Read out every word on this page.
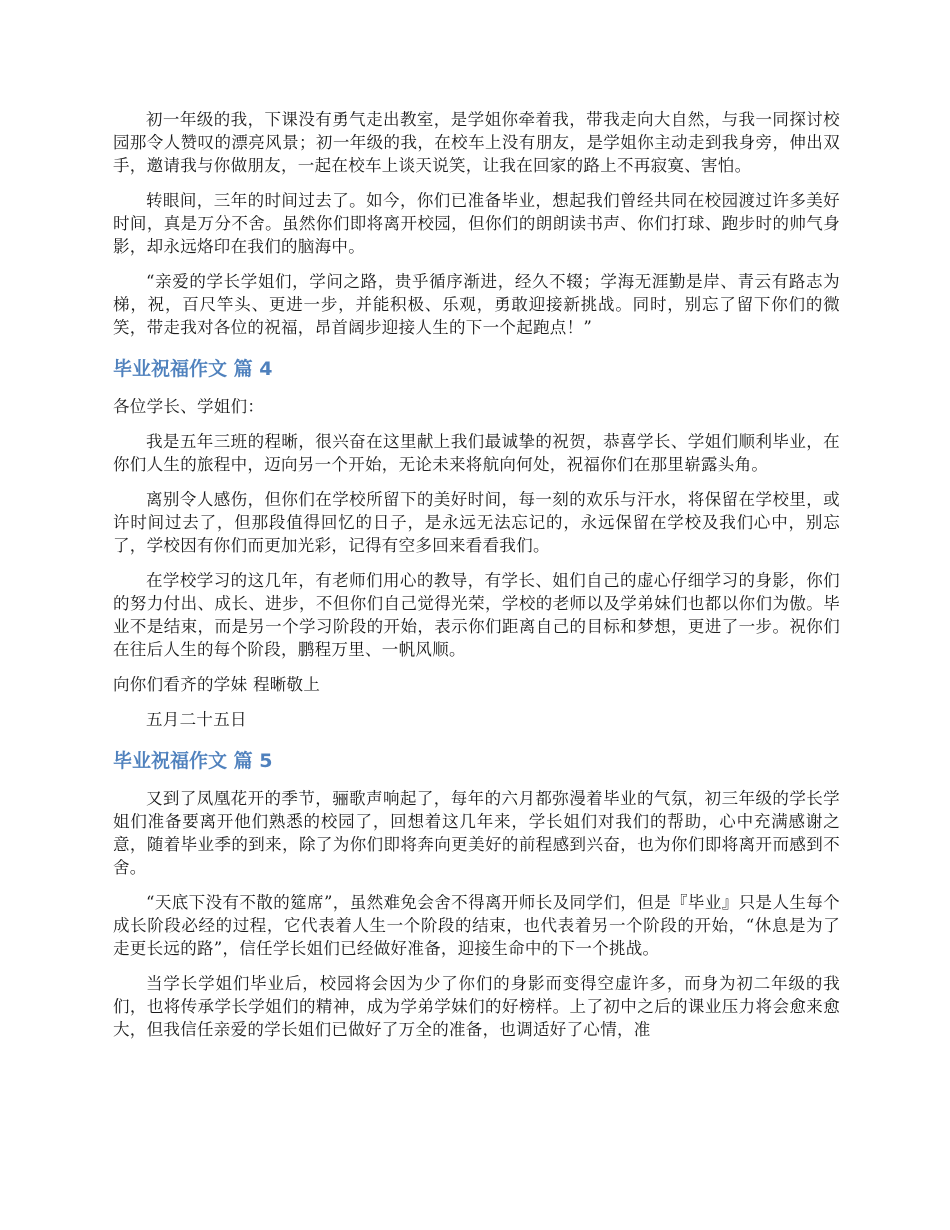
初一年级的我，下课没有勇气走出教室，是学姐你牵着我，带我走向大自然，与我一同探讨校园那令人赞叹的漂亮风景；初一年级的我，在校车上没有朋友，是学姐你主动走到我身旁，伸出双手，邀请我与你做朋友，一起在校车上谈天说笑，让我在回家的路上不再寂寞、害怕。

转眼间，三年的时间过去了。如今，你们已准备毕业，想起我们曾经共同在校园渡过许多美好时间，真是万分不舍。虽然你们即将离开校园，但你们的朗朗读书声、你们打球、跑步时的帅气身影，却永远烙印在我们的脑海中。

“亲爱的学长学姐们，学问之路，贵乎循序渐进，经久不辍；学海无涯勤是岸、青云有路志为梯，祝，百尺竿头、更进一步，并能积极、乐观，勇敢迎接新挑战。同时，别忘了留下你们的微笑，带走我对各位的祝福，昂首阔步迎接人生的下一个起跑点！”

毕业祝福作文 篇 4

各位学长、学姐们：

我是五年三班的程晰，很兴奋在这里献上我们最诚挚的祝贺，恭喜学长、学姐们顺利毕业，在你们人生的旅程中，迈向另一个开始，无论未来将航向何处，祝福你们在那里崭露头角。

离别令人感伤，但你们在学校所留下的美好时间，每一刻的欢乐与汗水，将保留在学校里，或许时间过去了，但那段值得回忆的日子，是永远无法忘记的，永远保留在学校及我们心中，别忘了，学校因有你们而更加光彩，记得有空多回来看看我们。

在学校学习的这几年，有老师们用心的教导，有学长、姐们自己的虚心仔细学习的身影，你们的努力付出、成长、进步，不但你们自己觉得光荣，学校的老师以及学弟妹们也都以你们为傲。毕业不是结束，而是另一个学习阶段的开始，表示你们距离自己的目标和梦想，更进了一步。祝你们在往后人生的每个阶段，鹏程万里、一帆风顺。

向你们看齐的学妹 程晰敬上

五月二十五日

毕业祝福作文 篇 5

又到了凤凰花开的季节，骊歌声响起了，每年的六月都弥漫着毕业的气氛，初三年级的学长学姐们准备要离开他们熟悉的校园了，回想着这几年来，学长姐们对我们的帮助，心中充满感谢之意，随着毕业季的到来，除了为你们即将奔向更美好的前程感到兴奋，也为你们即将离开而感到不舍。

“天底下没有不散的筵席”，虽然难免会舍不得离开师长及同学们，但是『毕业』只是人生每个成长阶段必经的过程，它代表着人生一个阶段的结束，也代表着另一个阶段的开始，“休息是为了走更长远的路”，信任学长姐们已经做好准备，迎接生命中的下一个挑战。

当学长学姐们毕业后，校园将会因为少了你们的身影而变得空虚许多，而身为初二年级的我们，也将传承学长学姐们的精神，成为学弟学妹们的好榜样。上了初中之后的课业压力将会愈来愈大，但我信任亲爱的学长姐们已做好了万全的准备，也调适好了心情，准
